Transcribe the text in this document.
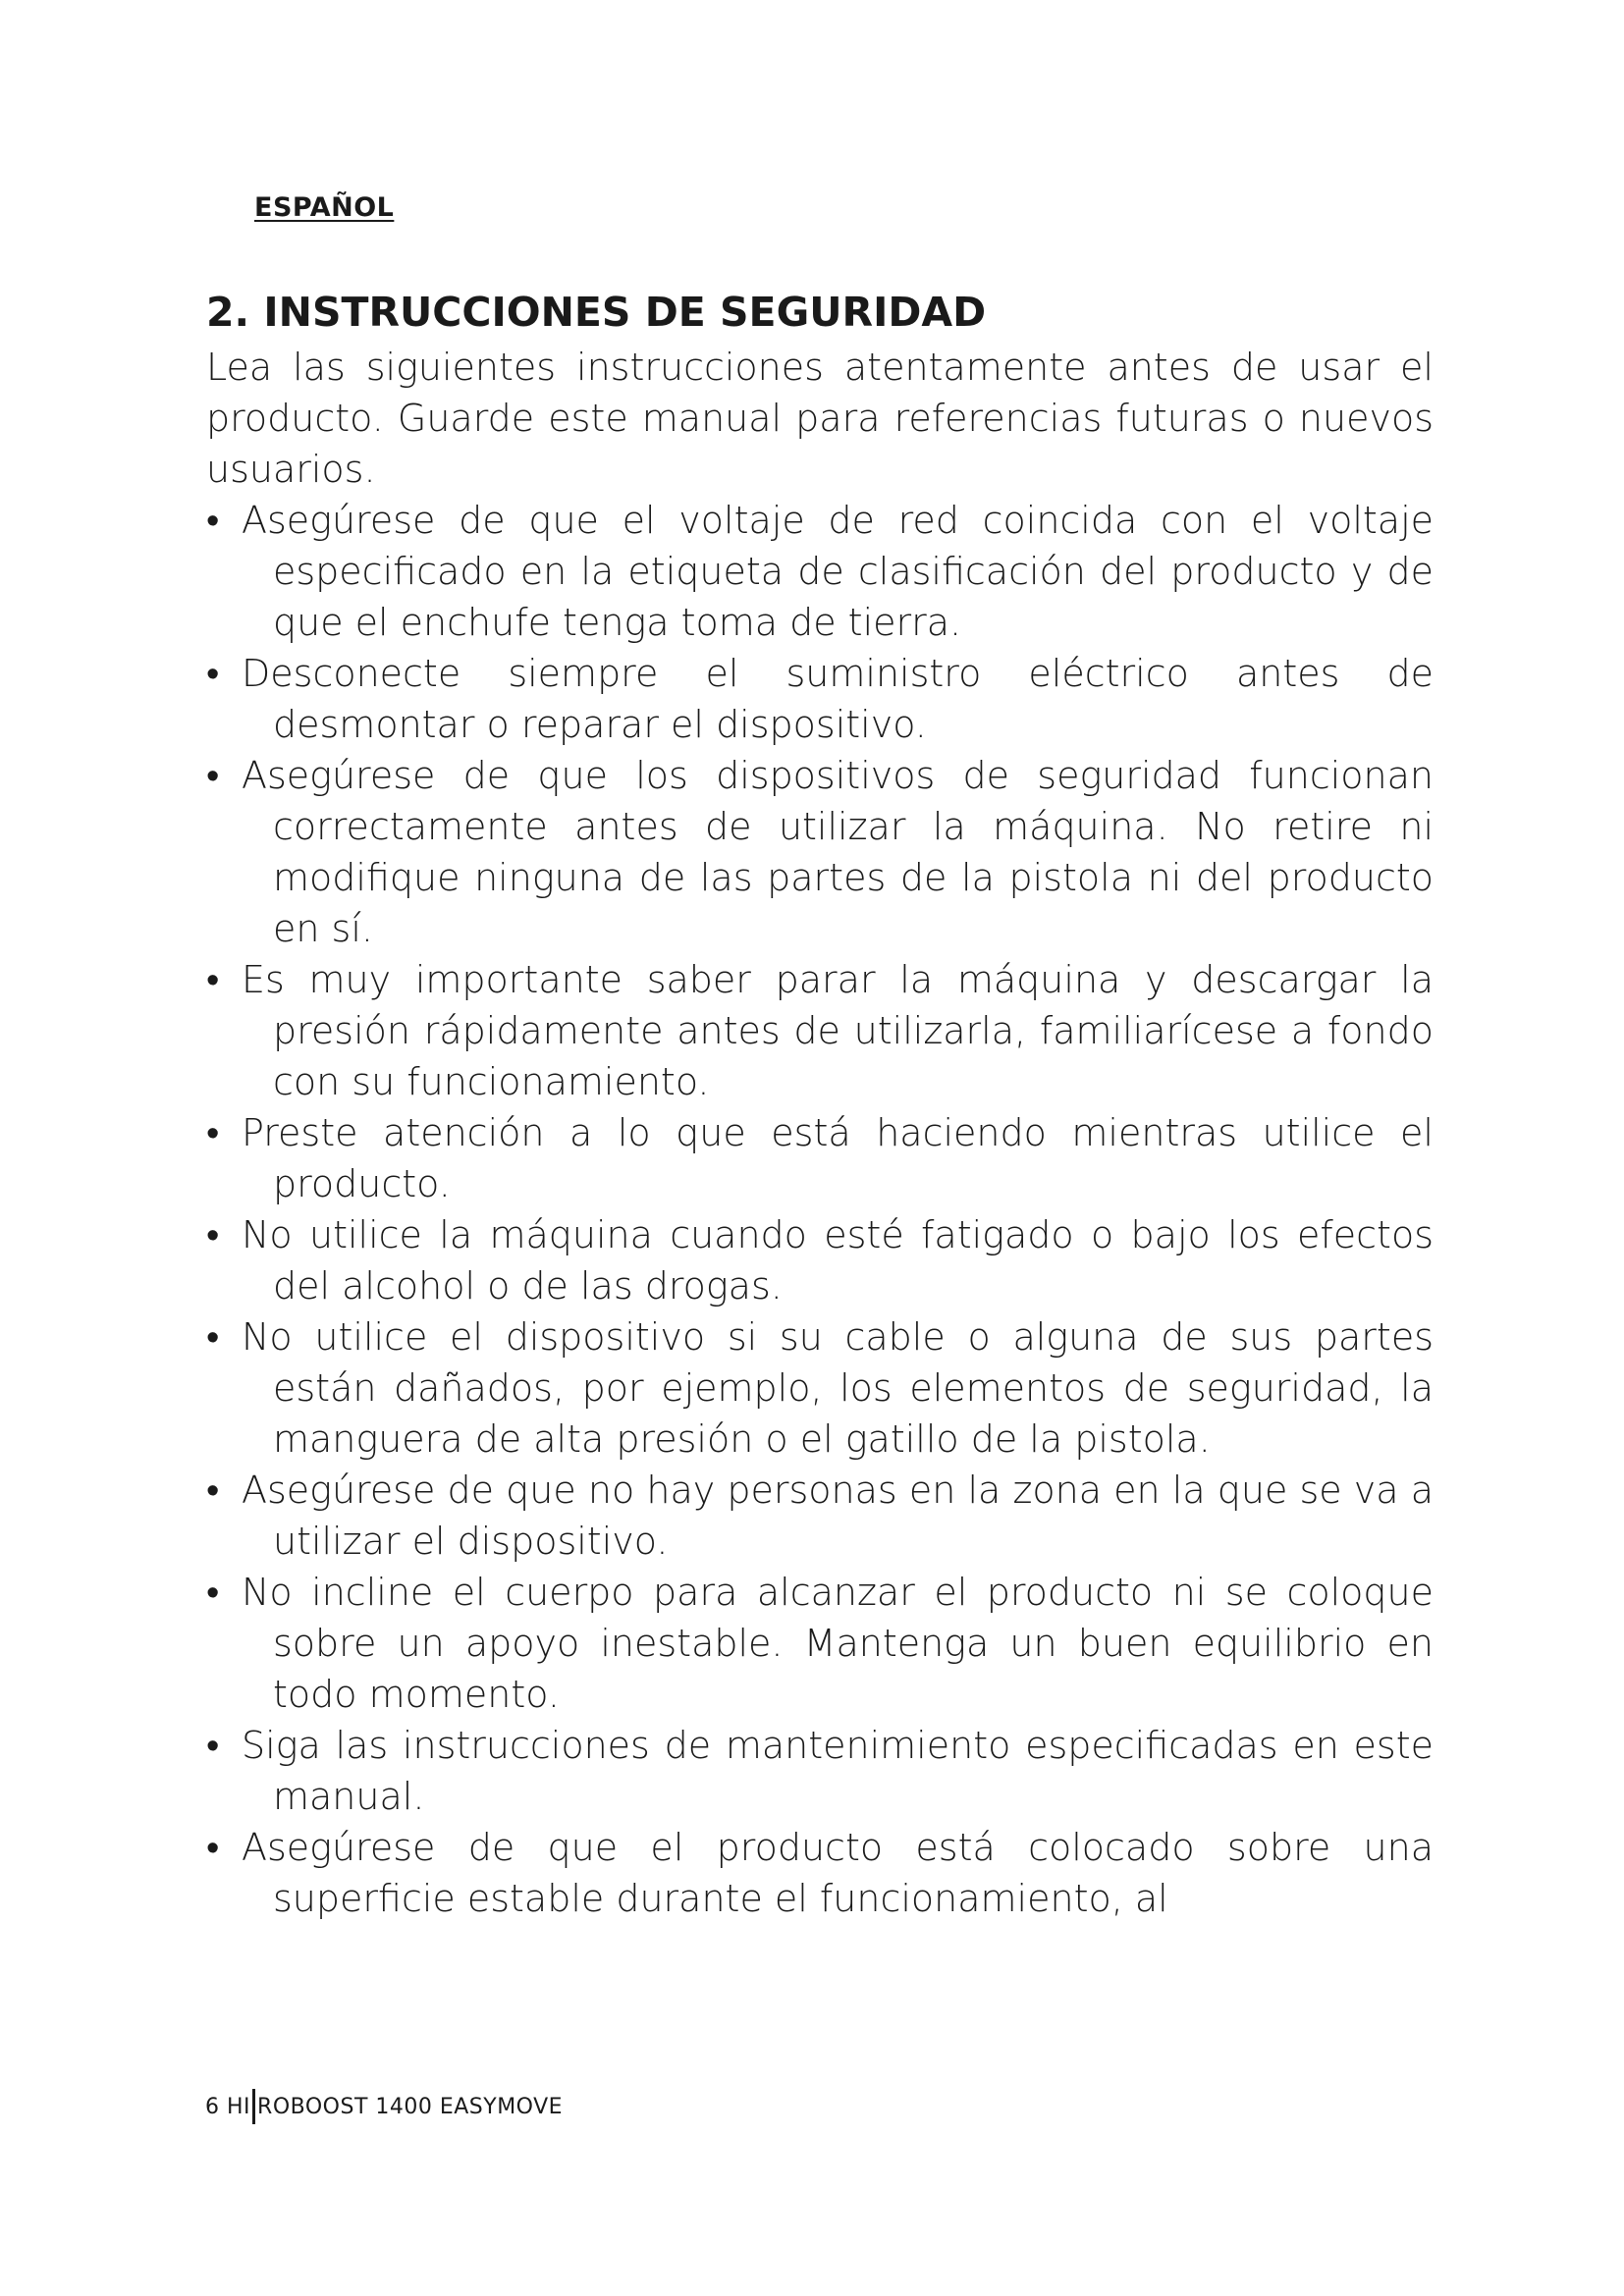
ESPAÑOL
2. INSTRUCCIONES DE SEGURIDAD

Lea las siguientes instrucciones atentamente antes de usar el producto. Guarde este manual para referencias futuras o nuevos usuarios.

• Asegúrese de que el voltaje de red coincida con el voltaje especificado en la etiqueta de clasificación del producto y de que el enchufe tenga toma de tierra.
• Desconecte siempre el suministro eléctrico antes de desmontar o reparar el dispositivo.
• Asegúrese de que los dispositivos de seguridad funcionan correctamente antes de utilizar la máquina. No retire ni modifique ninguna de las partes de la pistola ni del producto en sí.
• Es muy importante saber parar la máquina y descargar la presión rápidamente antes de utilizarla, familiarícese a fondo con su funcionamiento.
• Preste atención a lo que está haciendo mientras utilice el producto.
• No utilice la máquina cuando esté fatigado o bajo los efectos del alcohol o de las drogas.
• No utilice el dispositivo si su cable o alguna de sus partes están dañados, por ejemplo, los elementos de seguridad, la manguera de alta presión o el gatillo de la pistola.
• Asegúrese de que no hay personas en la zona en la que se va a utilizar el dispositivo.
• No incline el cuerpo para alcanzar el producto ni se coloque sobre un apoyo inestable. Mantenga un buen equilibrio en todo momento.
• Siga las instrucciones de mantenimiento especificadas en este manual.
• Asegúrese de que el producto está colocado sobre una superficie estable durante el funcionamiento, al
6
HI ROBOOST 1400 EASYMOVE
